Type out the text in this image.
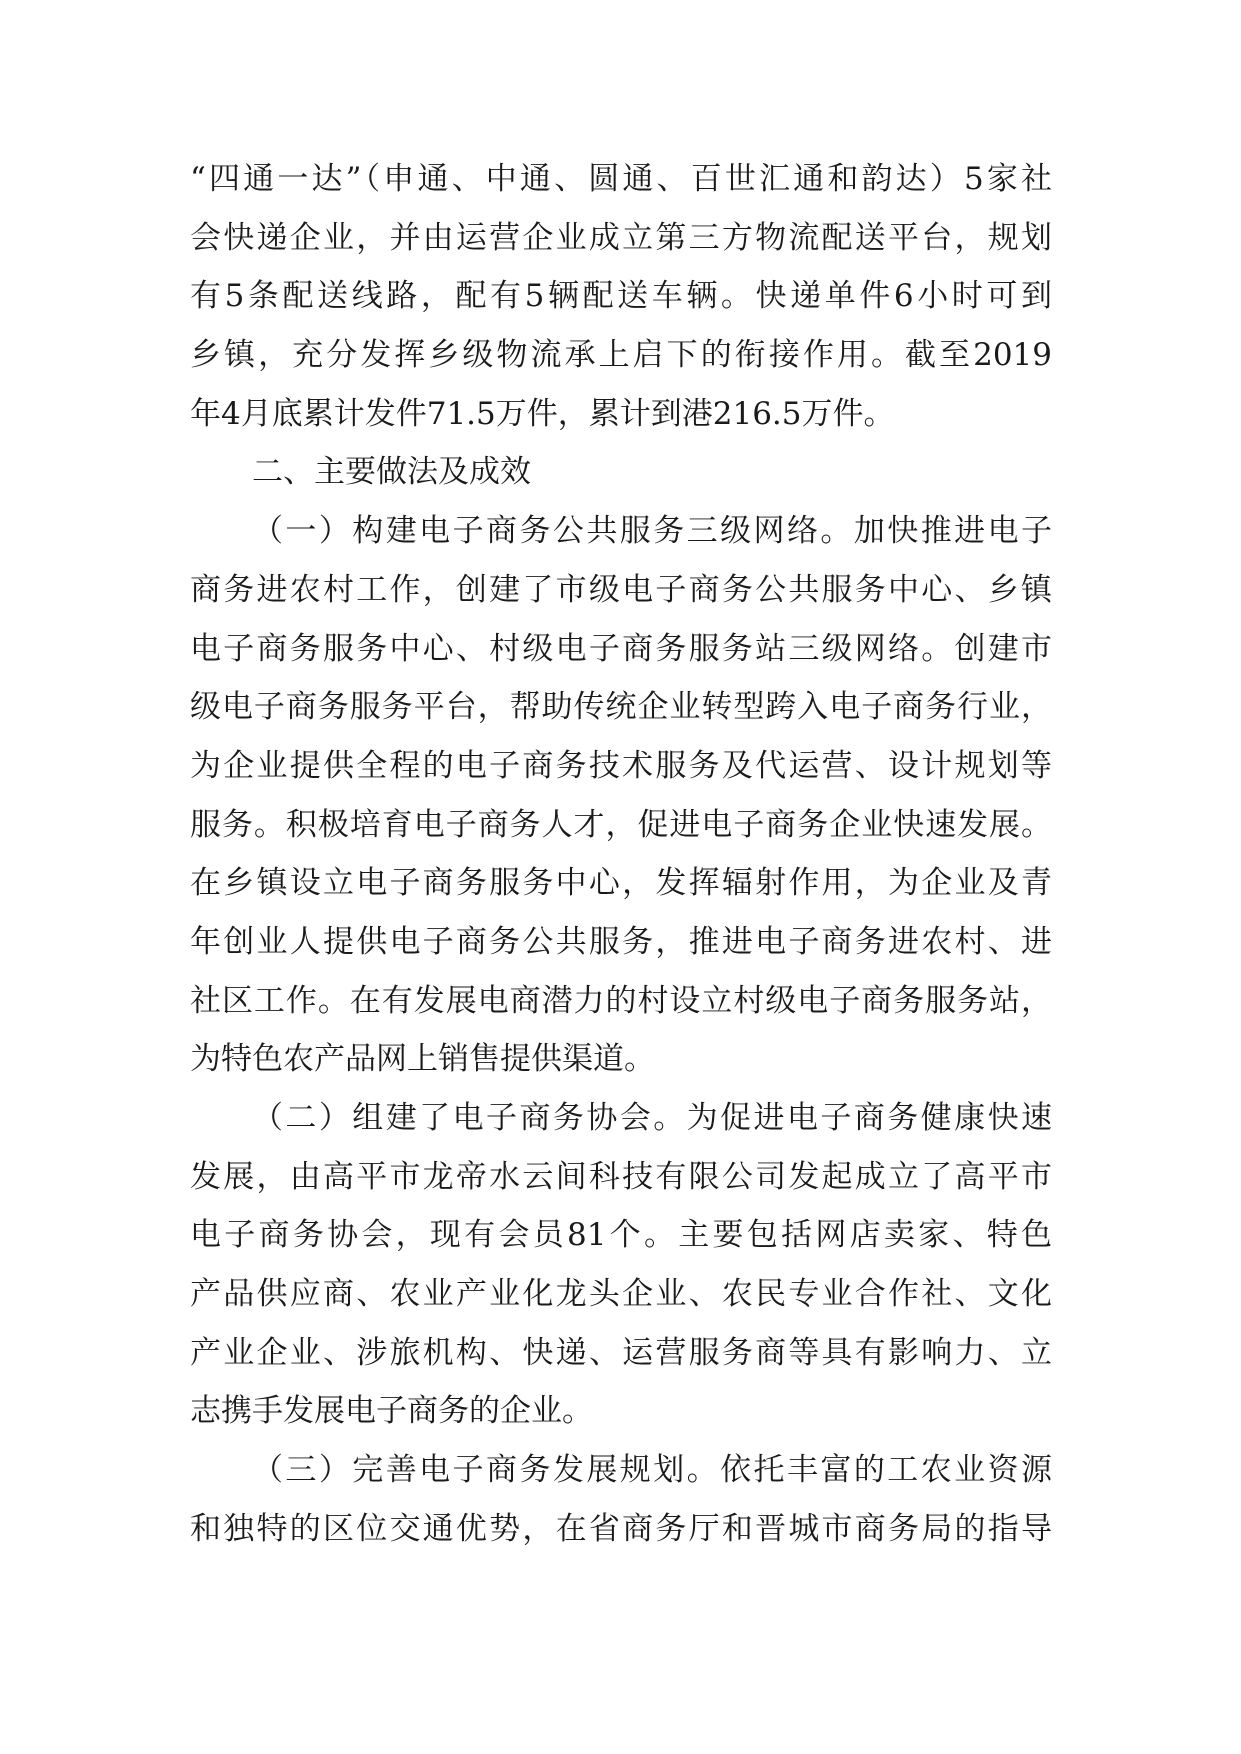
“四通一达”（申通、中通、圆通、百世汇通和韵达）5家社
会快递企业，并由运营企业成立第三方物流配送平台，规划
有5条配送线路，配有5辆配送车辆。快递单件6小时可到
乡镇，充分发挥乡级物流承上启下的衔接作用。截至2019
年4月底累计发件71.5万件，累计到港216.5万件。
二、主要做法及成效
（一）构建电子商务公共服务三级网络。加快推进电子
商务进农村工作，创建了市级电子商务公共服务中心、乡镇
电子商务服务中心、村级电子商务服务站三级网络。创建市
级电子商务服务平台，帮助传统企业转型跨入电子商务行业，
为企业提供全程的电子商务技术服务及代运营、设计规划等
服务。积极培育电子商务人才，促进电子商务企业快速发展。
在乡镇设立电子商务服务中心，发挥辐射作用，为企业及青
年创业人提供电子商务公共服务，推进电子商务进农村、进
社区工作。在有发展电商潜力的村设立村级电子商务服务站，
为特色农产品网上销售提供渠道。
（二）组建了电子商务协会。为促进电子商务健康快速
发展，由高平市龙帝水云间科技有限公司发起成立了高平市
电子商务协会，现有会员81个。主要包括网店卖家、特色
产品供应商、农业产业化龙头企业、农民专业合作社、文化
产业企业、涉旅机构、快递、运营服务商等具有影响力、立
志携手发展电子商务的企业。
（三）完善电子商务发展规划。依托丰富的工农业资源
和独特的区位交通优势，在省商务厅和晋城市商务局的指导
